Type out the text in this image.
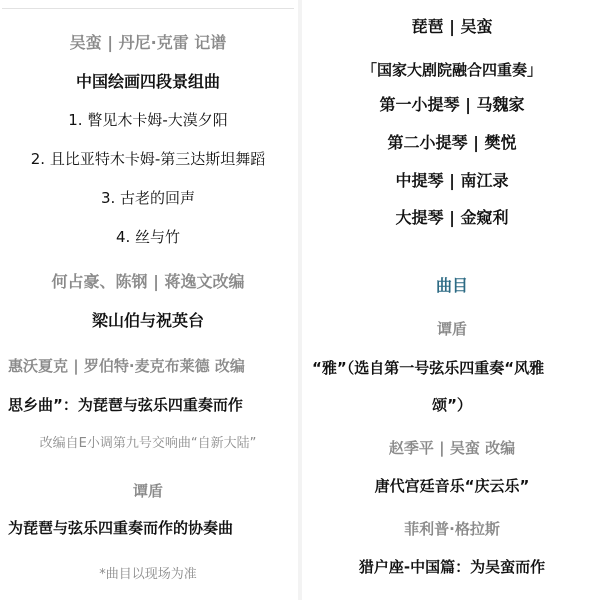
吴蛮 | 丹尼·克雷 记谱
中国绘画四段景组曲
1. 瞥见木卡姆-大漠夕阳
2. 且比亚特木卡姆-第三达斯坦舞蹈
3. 古老的回声
4. 丝与竹
何占豪、陈钢 | 蒋逸文改编
梁山伯与祝英台
惠沃夏克 | 罗伯特·麦克布莱德 改编
思乡曲”：为琵琶与弦乐四重奏而作
改编自E小调第九号交响曲“自新大陆”
谭盾
为琵琶与弦乐四重奏而作的协奏曲
*曲目以现场为准
琵琶 | 吴蛮
「国家大剧院融合四重奏」
第一小提琴 | 马魏家
第二小提琴 | 樊悦
中提琴 | 南江录
大提琴 | 金窥利
曲目
谭盾
“雅”（选自第一号弦乐四重奏“风雅
颂”）
赵季平 | 吴蛮 改编
唐代宫廷音乐“庆云乐”
菲利普·格拉斯
猎户座-中国篇：为吴蛮而作
